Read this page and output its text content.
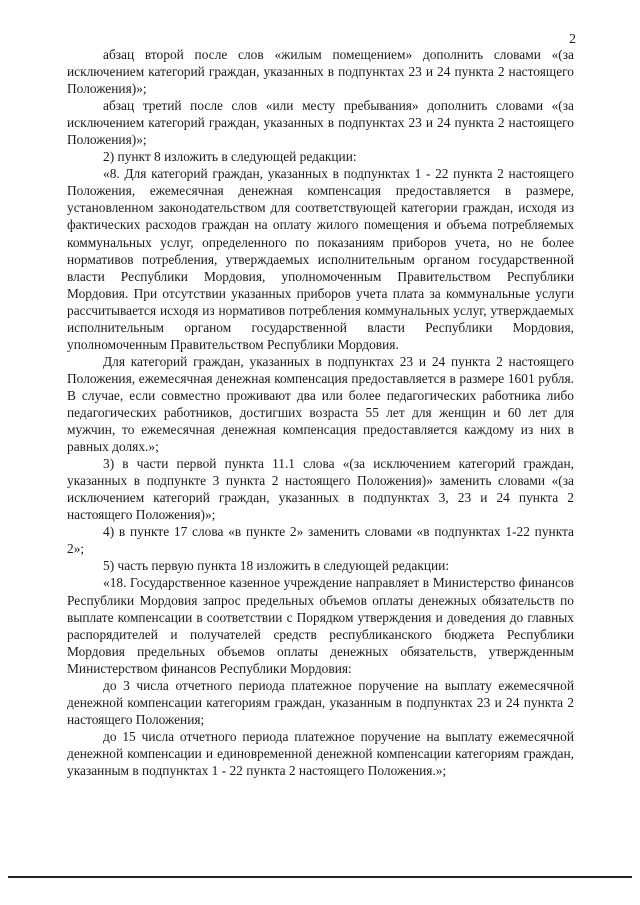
2

абзац второй после слов «жилым помещением» дополнить словами «(за исключением категорий граждан, указанных в подпунктах 23 и 24 пункта 2 настоящего Положения)»;

абзац третий после слов «или месту пребывания» дополнить словами «(за исключением категорий граждан, указанных в подпунктах 23 и 24 пункта 2 настоящего Положения)»;

2) пункт 8 изложить в следующей редакции:

«8. Для категорий граждан, указанных в подпунктах 1 - 22 пункта 2 настоящего Положения, ежемесячная денежная компенсация предоставляется в размере, установленном законодательством для соответствующей категории граждан, исходя из фактических расходов граждан на оплату жилого помещения и объема потребляемых коммунальных услуг, определенного по показаниям приборов учета, но не более нормативов потребления, утверждаемых исполнительным органом государственной власти Республики Мордовия, уполномоченным Правительством Республики Мордовия. При отсутствии указанных приборов учета плата за коммунальные услуги рассчитывается исходя из нормативов потребления коммунальных услуг, утверждаемых исполнительным органом государственной власти Республики Мордовия, уполномоченным Правительством Республики Мордовия.

Для категорий граждан, указанных в подпунктах 23 и 24 пункта 2 настоящего Положения, ежемесячная денежная компенсация предоставляется в размере 1601 рубля. В случае, если совместно проживают два или более педагогических работника либо педагогических работников, достигших возраста 55 лет для женщин и 60 лет для мужчин, то ежемесячная денежная компенсация предоставляется каждому из них в равных долях.»;

3) в части первой пункта 11.1 слова «(за исключением категорий граждан, указанных в подпункте 3 пункта 2 настоящего Положения)» заменить словами «(за исключением категорий граждан, указанных в подпунктах 3, 23 и 24 пункта 2 настоящего Положения)»;

4) в пункте 17 слова «в пункте 2» заменить словами «в подпунктах 1-22 пункта 2»;

5) часть первую пункта 18 изложить в следующей редакции:

«18. Государственное казенное учреждение направляет в Министерство финансов Республики Мордовия запрос предельных объемов оплаты денежных обязательств по выплате компенсации в соответствии с Порядком утверждения и доведения до главных распорядителей и получателей средств республиканского бюджета Республики Мордовия предельных объемов оплаты денежных обязательств, утвержденным Министерством финансов Республики Мордовия:

до 3 числа отчетного периода платежное поручение на выплату ежемесячной денежной компенсации категориям граждан, указанным в подпунктах 23 и 24 пункта 2 настоящего Положения;

до 15 числа отчетного периода платежное поручение на выплату ежемесячной денежной компенсации и единовременной денежной компенсации категориям граждан, указанным в подпунктах 1 - 22 пункта 2 настоящего Положения.»;
